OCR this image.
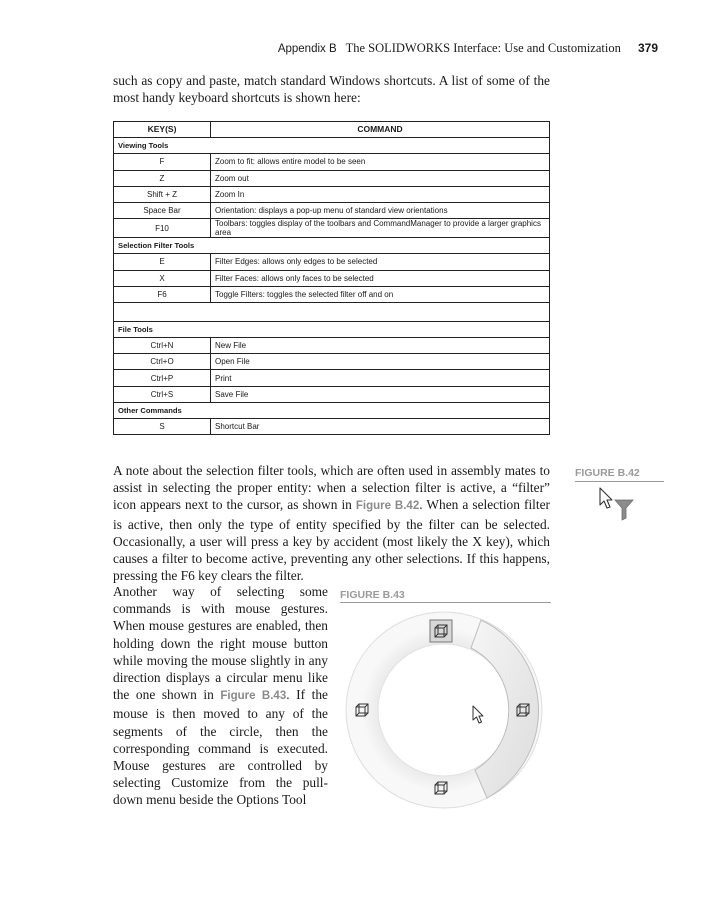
Appendix B The SOLIDWORKS Interface: Use and Customization 379
such as copy and paste, match standard Windows shortcuts. A list of some of the most handy keyboard shortcuts is shown here:
KEY(S)	COMMAND
Viewing Tools	
F	Zoom to fit: allows entire model to be seen
Z	Zoom out
Shift + Z	Zoom In
Space Bar	Orientation: displays a pop-up menu of standard view orientations
F10	Toolbars: toggles display of the toolbars and CommandManager to provide a larger graphics area
Selection Filter Tools	
E	Filter Edges: allows only edges to be selected
X	Filter Faces: allows only faces to be selected
F6	Toggle Filters: toggles the selected filter off and on

File Tools	
Ctrl+N	New File
Ctrl+O	Open File
Ctrl+P	Print
Ctrl+S	Save File
Other Commands	
S	Shortcut Bar
A note about the selection filter tools, which are often used in assembly mates to assist in selecting the proper entity: when a selection filter is active, a “filter” icon appears next to the cursor, as shown in Figure B.42. When a selection filter is active, then only the type of entity specified by the filter can be selected. Occasionally, a user will press a key by accident (most likely the X key), which causes a filter to become active, preventing any other selections. If this happens, pressing the F6 key clears the filter.
FIGURE B.42
Another way of selecting some commands is with mouse gestures. When mouse gestures are enabled, then holding down the right mouse button while moving the mouse slightly in any direction displays a circular menu like the one shown in Figure B.43. If the mouse is then moved to any of the segments of the circle, then the corresponding command is executed. Mouse gestures are controlled by selecting Customize from the pull-down menu beside the Options Tool
FIGURE B.43
